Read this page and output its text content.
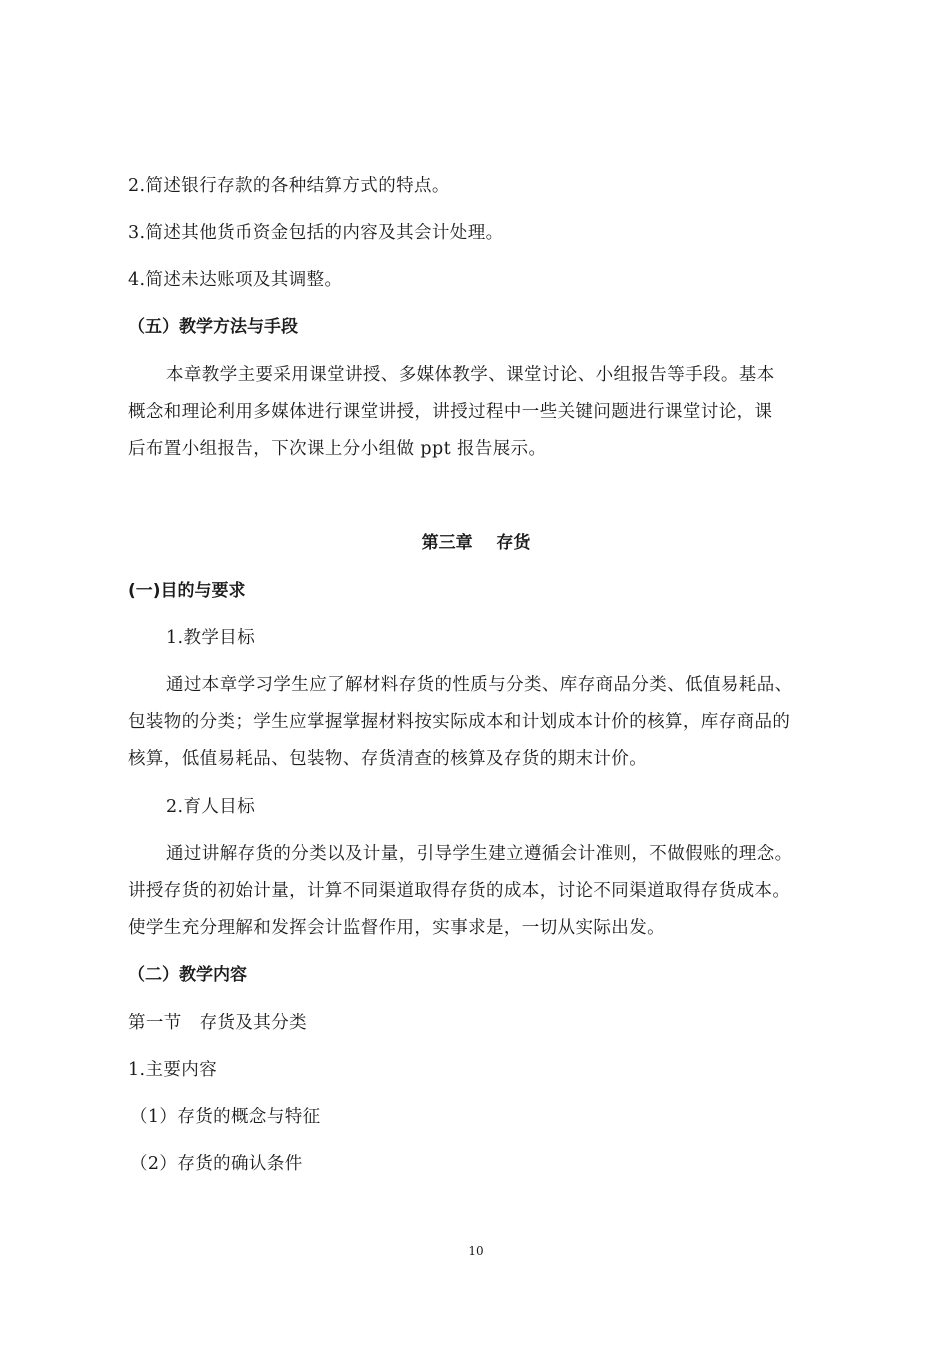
2.简述银行存款的各种结算方式的特点。
3.简述其他货币资金包括的内容及其会计处理。
4.简述未达账项及其调整。
（五）教学方法与手段
本章教学主要采用课堂讲授、多媒体教学、课堂讨论、小组报告等手段。基本
概念和理论利用多媒体进行课堂讲授，讲授过程中一些关键问题进行课堂讨论，课
后布置小组报告，下次课上分小组做 ppt 报告展示。
第三章    存货
(一)目的与要求
1.教学目标
通过本章学习学生应了解材料存货的性质与分类、库存商品分类、低值易耗品、
包装物的分类；学生应掌握掌握材料按实际成本和计划成本计价的核算，库存商品的
核算，低值易耗品、包装物、存货清查的核算及存货的期末计价。
2.育人目标
通过讲解存货的分类以及计量，引导学生建立遵循会计准则，不做假账的理念。
讲授存货的初始计量，计算不同渠道取得存货的成本，讨论不同渠道取得存货成本。
使学生充分理解和发挥会计监督作用，实事求是，一切从实际出发。
（二）教学内容
第一节   存货及其分类
1.主要内容
（1）存货的概念与特征
（2）存货的确认条件
10
